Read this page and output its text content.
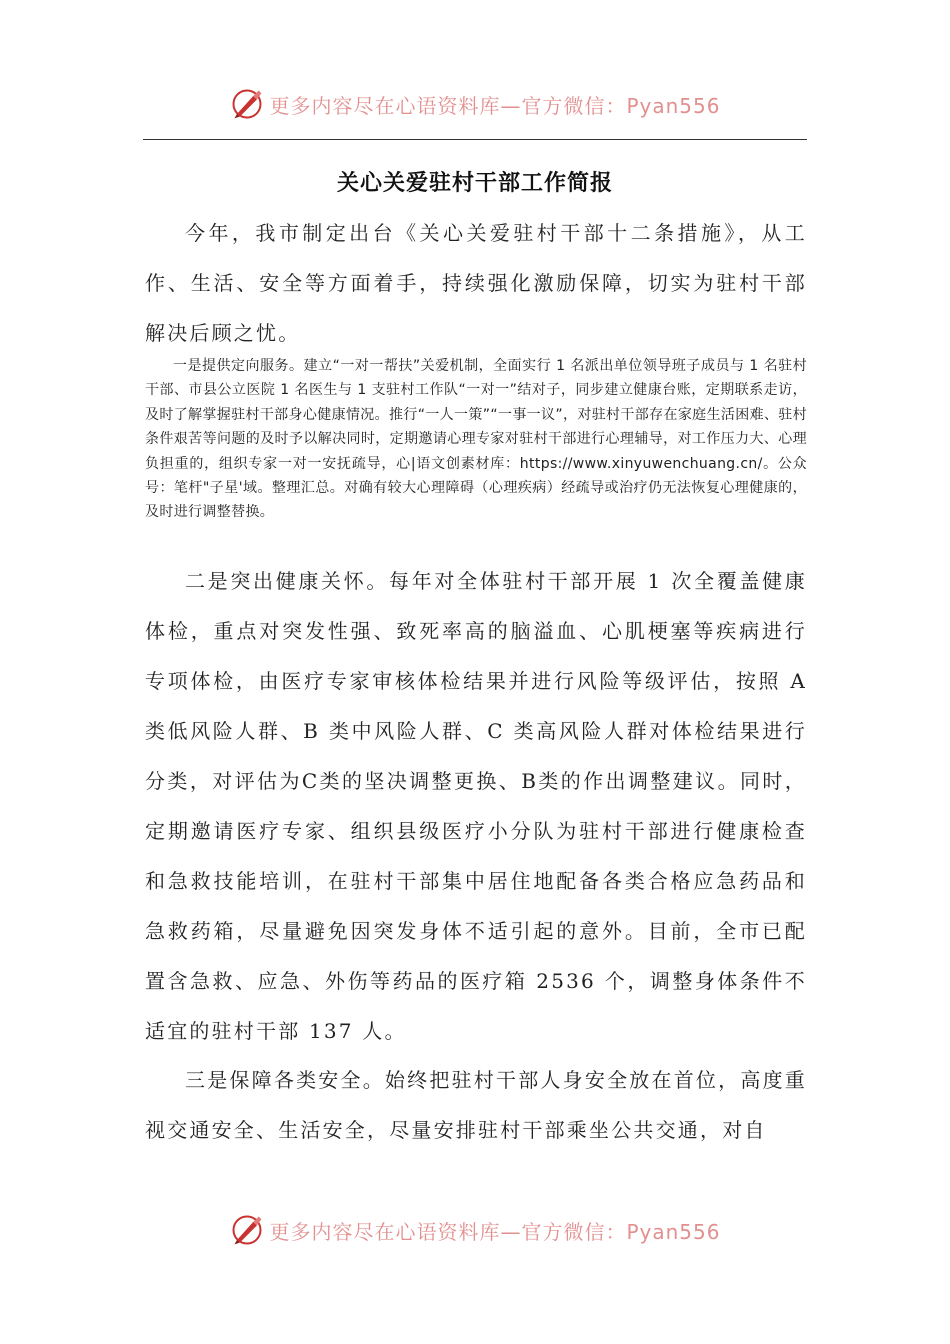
更多内容尽在心语资料库—官方微信：Pyan556
关心关爱驻村干部工作简报

今年，我市制定出台《关心关爱驻村干部十二条措施》，从工作、生活、安全等方面着手，持续强化激励保障，切实为驻村干部解决后顾之忧。

一是提供定向服务。建立“一对一帮扶”关爱机制，全面实行 1 名派出单位领导班子成员与 1 名驻村干部、市县公立医院 1 名医生与 1 支驻村工作队“一对一”结对子，同步建立健康台账，定期联系走访，及时了解掌握驻村干部身心健康情况。推行“一人一策”“一事一议”，对驻村干部存在家庭生活困难、驻村条件艰苦等问题的及时予以解决同时，定期邀请心理专家对驻村干部进行心理辅导，对工作压力大、心理负担重的，组织专家一对一安抚疏导，心|语文创素材库：https://www.xinyuwenchuang.cn/。公众号：笔杆"子星'域。整理汇总。对确有较大心理障碍（心理疾病）经疏导或治疗仍无法恢复心理健康的，及时进行调整替换。

二是突出健康关怀。每年对全体驻村干部开展 1 次全覆盖健康体检，重点对突发性强、致死率高的脑溢血、心肌梗塞等疾病进行专项体检，由医疗专家审核体检结果并进行风险等级评估，按照 A 类低风险人群、B 类中风险人群、C 类高风险人群对体检结果进行分类，对评估为C类的坚决调整更换、B类的作出调整建议。同时，定期邀请医疗专家、组织县级医疗小分队为驻村干部进行健康检查和急救技能培训，在驻村干部集中居住地配备各类合格应急药品和急救药箱，尽量避免因突发身体不适引起的意外。目前，全市已配置含急救、应急、外伤等药品的医疗箱 2536 个，调整身体条件不适宜的驻村干部 137 人。

三是保障各类安全。始终把驻村干部人身安全放在首位，高度重视交通安全、生活安全，尽量安排驻村干部乘坐公共交通，对自

更多内容尽在心语资料库—官方微信：Pyan556
